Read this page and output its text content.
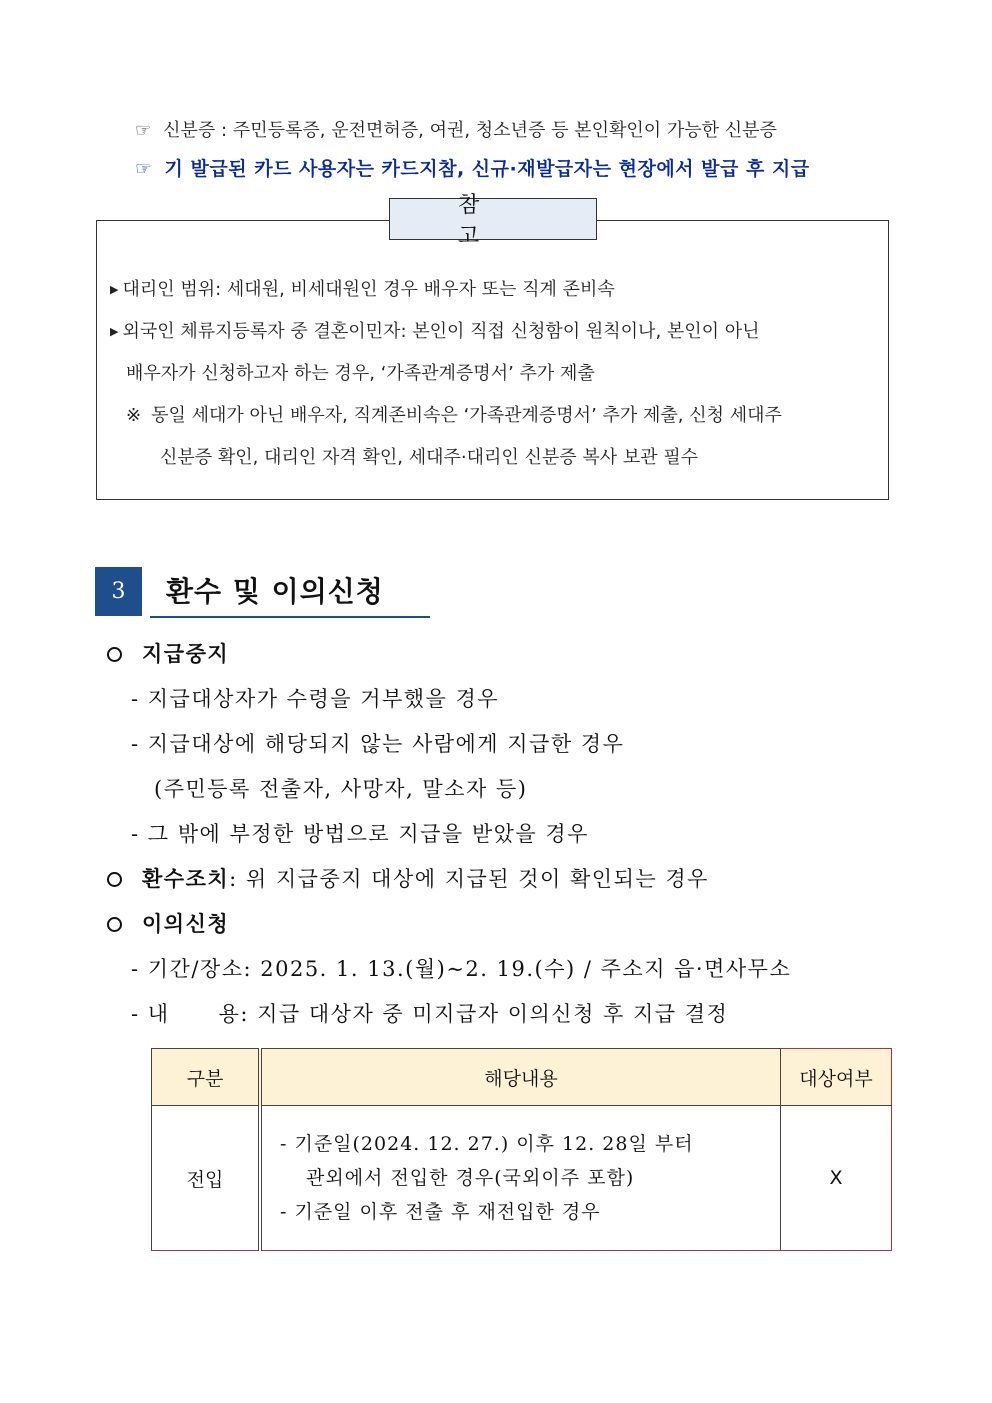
☞ 신분증 : 주민등록증, 운전면허증, 여권, 청소년증 등 본인확인이 가능한 신분증
☞ 기 발급된 카드 사용자는 카드지참, 신규·재발급자는 현장에서 발급 후 지급
참고
▶ 대리인 범위: 세대원, 비세대원인 경우 배우자 또는 직계 존비속
▶ 외국인 체류지등록자 중 결혼이민자: 본인이 직접 신청함이 원칙이나, 본인이 아닌
배우자가 신청하고자 하는 경우, ‘가족관계증명서’ 추가 제출
※ 동일 세대가 아닌 배우자, 직계존비속은 ‘가족관계증명서’ 추가 제출, 신청 세대주
신분증 확인, 대리인 자격 확인, 세대주·대리인 신분증 복사 보관 필수
3	환수 및 이의신청
지급중지
- 지급대상자가 수령을 거부했을 경우
- 지급대상에 해당되지 않는 사람에게 지급한 경우
(주민등록 전출자, 사망자, 말소자 등)
- 그 밖에 부정한 방법으로 지급을 받았을 경우
환수조치: 위 지급중지 대상에 지급된 것이 확인되는 경우
이의신청
- 기간/장소: 2025. 1. 13.(월)∼2. 19.(수) / 주소지 읍·면사무소
- 내      용: 지급 대상자 중 미지급자 이의신청 후 지급 결정
구분	해당내용	대상여부
전입	- 기준일(2024. 12. 27.) 이후 12. 28일 부터
관외에서 전입한 경우(국외이주 포함)
- 기준일 이후 전출 후 재전입한 경우	X
